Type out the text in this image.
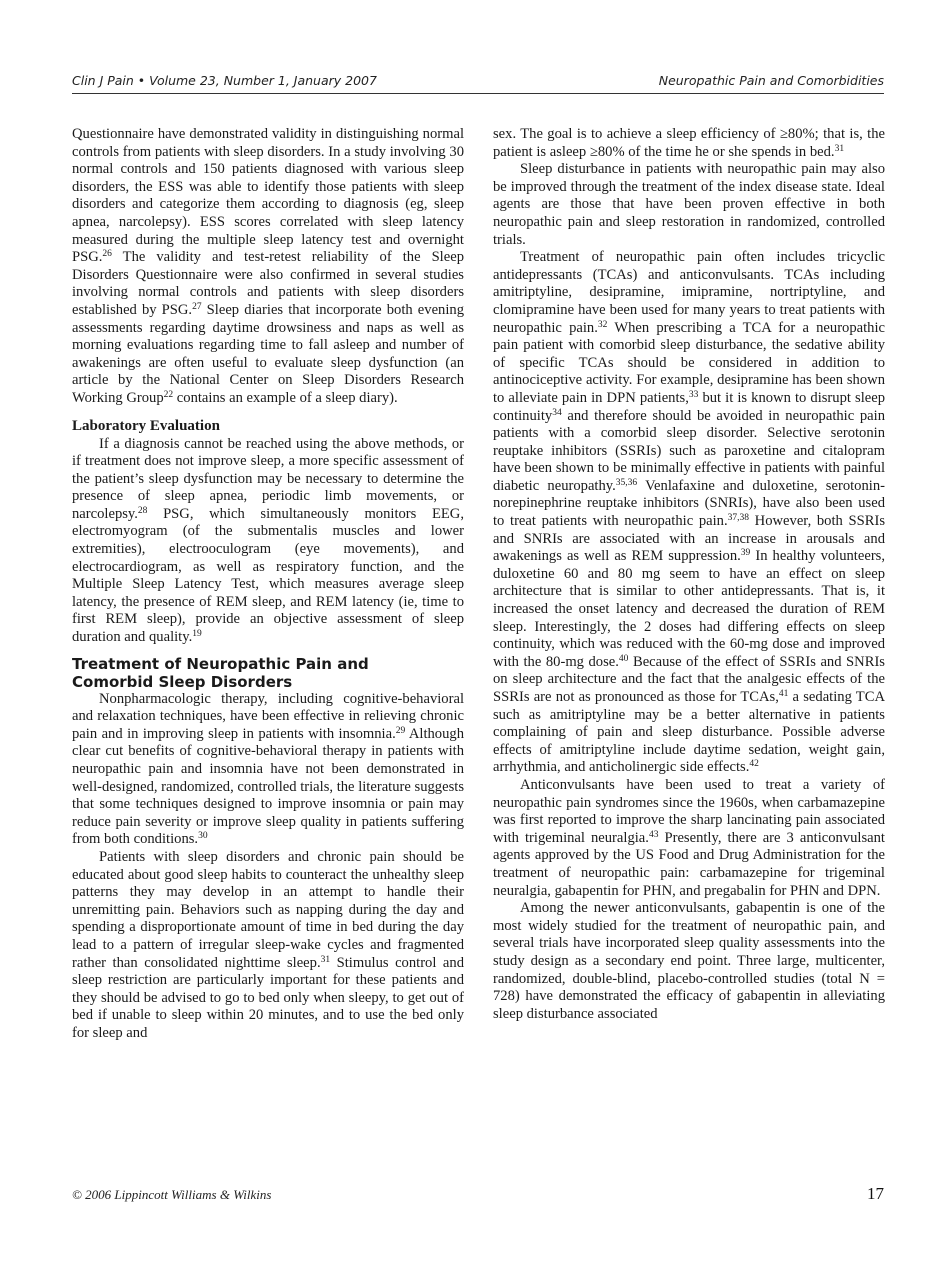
Clin J Pain • Volume 23, Number 1, January 2007	Neuropathic Pain and Comorbidities

Questionnaire have demonstrated validity in distinguishing normal controls from patients with sleep disorders. In a study involving 30 normal controls and 150 patients diagnosed with various sleep disorders, the ESS was able to identify those patients with sleep disorders and categorize them according to diagnosis (eg, sleep apnea, narcolepsy). ESS scores correlated with sleep latency measured during the multiple sleep latency test and overnight PSG.$^{26}$ The validity and test-retest reliability of the Sleep Disorders Questionnaire were also confirmed in several studies involving normal controls and patients with sleep disorders established by PSG.$^{27}$ Sleep diaries that incorporate both evening assessments regarding daytime drowsiness and naps as well as morning evaluations regarding time to fall asleep and number of awakenings are often useful to evaluate sleep dysfunction (an article by the National Center on Sleep Disorders Research Working Group$^{22}$ contains an example of a sleep diary).

Laboratory Evaluation

If a diagnosis cannot be reached using the above methods, or if treatment does not improve sleep, a more specific assessment of the patient’s sleep dysfunction may be necessary to determine the presence of sleep apnea, periodic limb movements, or narcolepsy.$^{28}$ PSG, which simultaneously monitors EEG, electromyogram (of the submentalis muscles and lower extremities), electrooculogram (eye movements), and electrocardiogram, as well as respiratory function, and the Multiple Sleep Latency Test, which measures average sleep latency, the presence of REM sleep, and REM latency (ie, time to first REM sleep), provide an objective assessment of sleep duration and quality.$^{19}$

Treatment of Neuropathic Pain and
Comorbid Sleep Disorders

Nonpharmacologic therapy, including cognitive-behavioral and relaxation techniques, have been effective in relieving chronic pain and in improving sleep in patients with insomnia.$^{29}$ Although clear cut benefits of cognitive-behavioral therapy in patients with neuropathic pain and insomnia have not been demonstrated in well-designed, randomized, controlled trials, the literature suggests that some techniques designed to improve insomnia or pain may reduce pain severity or improve sleep quality in patients suffering from both conditions.$^{30}$

Patients with sleep disorders and chronic pain should be educated about good sleep habits to counteract the unhealthy sleep patterns they may develop in an attempt to handle their unremitting pain. Behaviors such as napping during the day and spending a disproportionate amount of time in bed during the day lead to a pattern of irregular sleep-wake cycles and fragmented rather than consolidated nighttime sleep.$^{31}$ Stimulus control and sleep restriction are particularly important for these patients and they should be advised to go to bed only when sleepy, to get out of bed if unable to sleep within 20 minutes, and to use the bed only for sleep and

sex. The goal is to achieve a sleep efficiency of ≥80%; that is, the patient is asleep ≥80% of the time he or she spends in bed.$^{31}$

Sleep disturbance in patients with neuropathic pain may also be improved through the treatment of the index disease state. Ideal agents are those that have been proven effective in both neuropathic pain and sleep restoration in randomized, controlled trials.

Treatment of neuropathic pain often includes tricyclic antidepressants (TCAs) and anticonvulsants. TCAs including amitriptyline, desipramine, imipramine, nortriptyline, and clomipramine have been used for many years to treat patients with neuropathic pain.$^{32}$ When prescribing a TCA for a neuropathic pain patient with comorbid sleep disturbance, the sedative ability of specific TCAs should be considered in addition to antinociceptive activity. For example, desipramine has been shown to alleviate pain in DPN patients,$^{33}$ but it is known to disrupt sleep continuity$^{34}$ and therefore should be avoided in neuropathic pain patients with a comorbid sleep disorder. Selective serotonin reuptake inhibitors (SSRIs) such as paroxetine and citalopram have been shown to be minimally effective in patients with painful diabetic neuropathy.$^{35,36}$ Venlafaxine and duloxetine, serotonin-norepinephrine reuptake inhibitors (SNRIs), have also been used to treat patients with neuropathic pain.$^{37,38}$ However, both SSRIs and SNRIs are associated with an increase in arousals and awakenings as well as REM suppression.$^{39}$ In healthy volunteers, duloxetine 60 and 80 mg seem to have an effect on sleep architecture that is similar to other antidepressants. That is, it increased the onset latency and decreased the duration of REM sleep. Interestingly, the 2 doses had differing effects on sleep continuity, which was reduced with the 60-mg dose and improved with the 80-mg dose.$^{40}$ Because of the effect of SSRIs and SNRIs on sleep architecture and the fact that the analgesic effects of the SSRIs are not as pronounced as those for TCAs,$^{41}$ a sedating TCA such as amitriptyline may be a better alternative in patients complaining of pain and sleep disturbance. Possible adverse effects of amitriptyline include daytime sedation, weight gain, arrhythmia, and anticholinergic side effects.$^{42}$

Anticonvulsants have been used to treat a variety of neuropathic pain syndromes since the 1960s, when carbamazepine was first reported to improve the sharp lancinating pain associated with trigeminal neuralgia.$^{43}$ Presently, there are 3 anticonvulsant agents approved by the US Food and Drug Administration for the treatment of neuropathic pain: carbamazepine for trigeminal neuralgia, gabapentin for PHN, and pregabalin for PHN and DPN.

Among the newer anticonvulsants, gabapentin is one of the most widely studied for the treatment of neuropathic pain, and several trials have incorporated sleep quality assessments into the study design as a secondary end point. Three large, multicenter, randomized, double-blind, placebo-controlled studies (total N = 728) have demonstrated the efficacy of gabapentin in alleviating sleep disturbance associated

© 2006 Lippincott Williams & Wilkins	17
